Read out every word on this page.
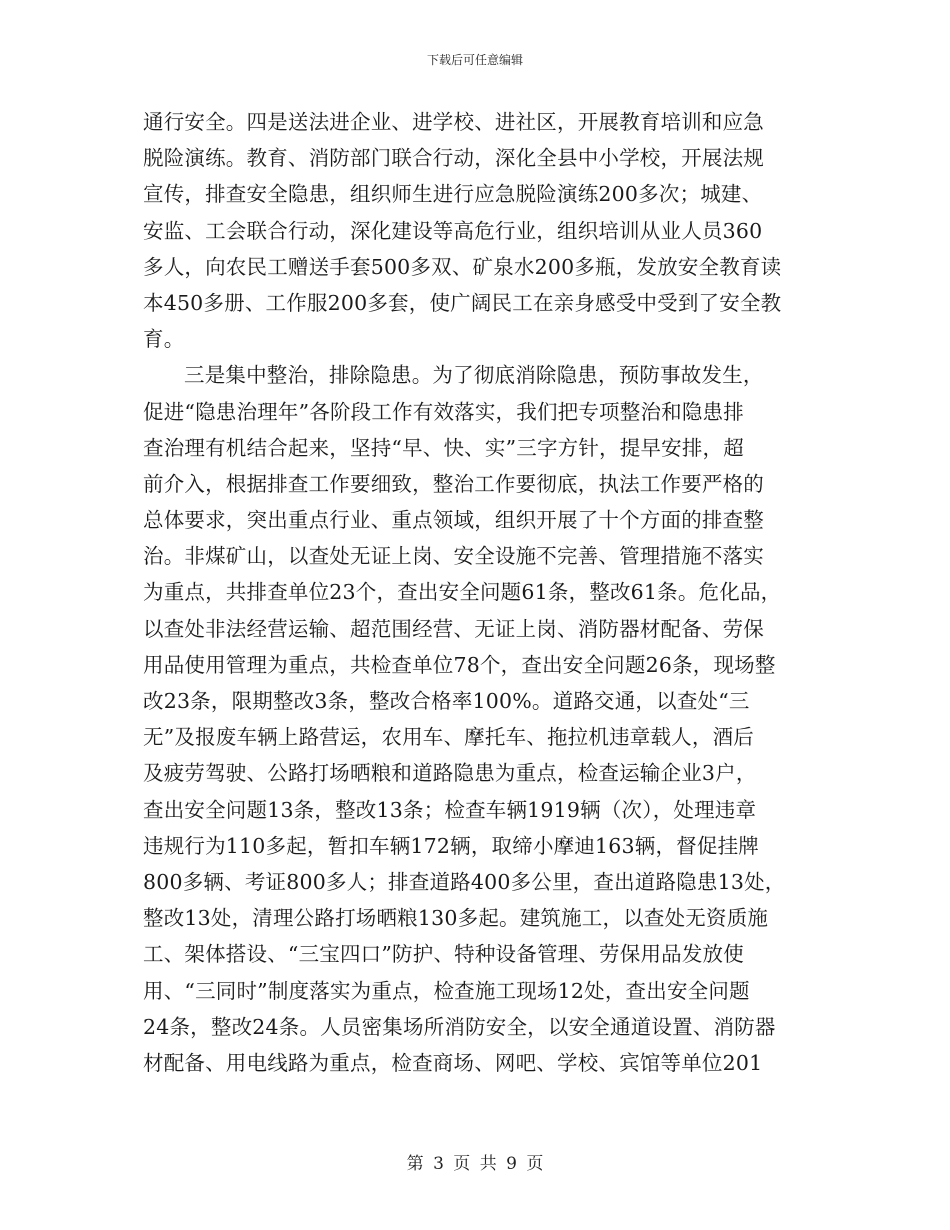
下载后可任意编辑
通行安全。四是送法进企业、进学校、进社区，开展教育培训和应急
脱险演练。教育、消防部门联合行动，深化全县中小学校，开展法规
宣传，排查安全隐患，组织师生进行应急脱险演练200多次；城建、
安监、工会联合行动，深化建设等高危行业，组织培训从业人员360
多人，向农民工赠送手套500多双、矿泉水200多瓶，发放安全教育读
本450多册、工作服200多套，使广阔民工在亲身感受中受到了安全教
育。
三是集中整治，排除隐患。为了彻底消除隐患，预防事故发生，
促进“隐患治理年”各阶段工作有效落实，我们把专项整治和隐患排
查治理有机结合起来，坚持“早、快、实”三字方针，提早安排，超
前介入，根据排查工作要细致，整治工作要彻底，执法工作要严格的
总体要求，突出重点行业、重点领域，组织开展了十个方面的排查整
治。非煤矿山，以查处无证上岗、安全设施不完善、管理措施不落实
为重点，共排查单位23个，查出安全问题61条，整改61条。危化品，
以查处非法经营运输、超范围经营、无证上岗、消防器材配备、劳保
用品使用管理为重点，共检查单位78个，查出安全问题26条，现场整
改23条，限期整改3条，整改合格率100%。道路交通，以查处“三
无”及报废车辆上路营运，农用车、摩托车、拖拉机违章载人，酒后
及疲劳驾驶、公路打场晒粮和道路隐患为重点，检查运输企业3户，
查出安全问题13条，整改13条；检查车辆1919辆（次），处理违章
违规行为110多起，暂扣车辆172辆，取缔小摩迪163辆，督促挂牌
800多辆、考证800多人；排查道路400多公里，查出道路隐患13处，
整改13处，清理公路打场晒粮130多起。建筑施工，以查处无资质施
工、架体搭设、“三宝四口”防护、特种设备管理、劳保用品发放使
用、“三同时”制度落实为重点，检查施工现场12处，查出安全问题
24条，整改24条。人员密集场所消防安全，以安全通道设置、消防器
材配备、用电线路为重点，检查商场、网吧、学校、宾馆等单位201
第 3 页 共 9 页
